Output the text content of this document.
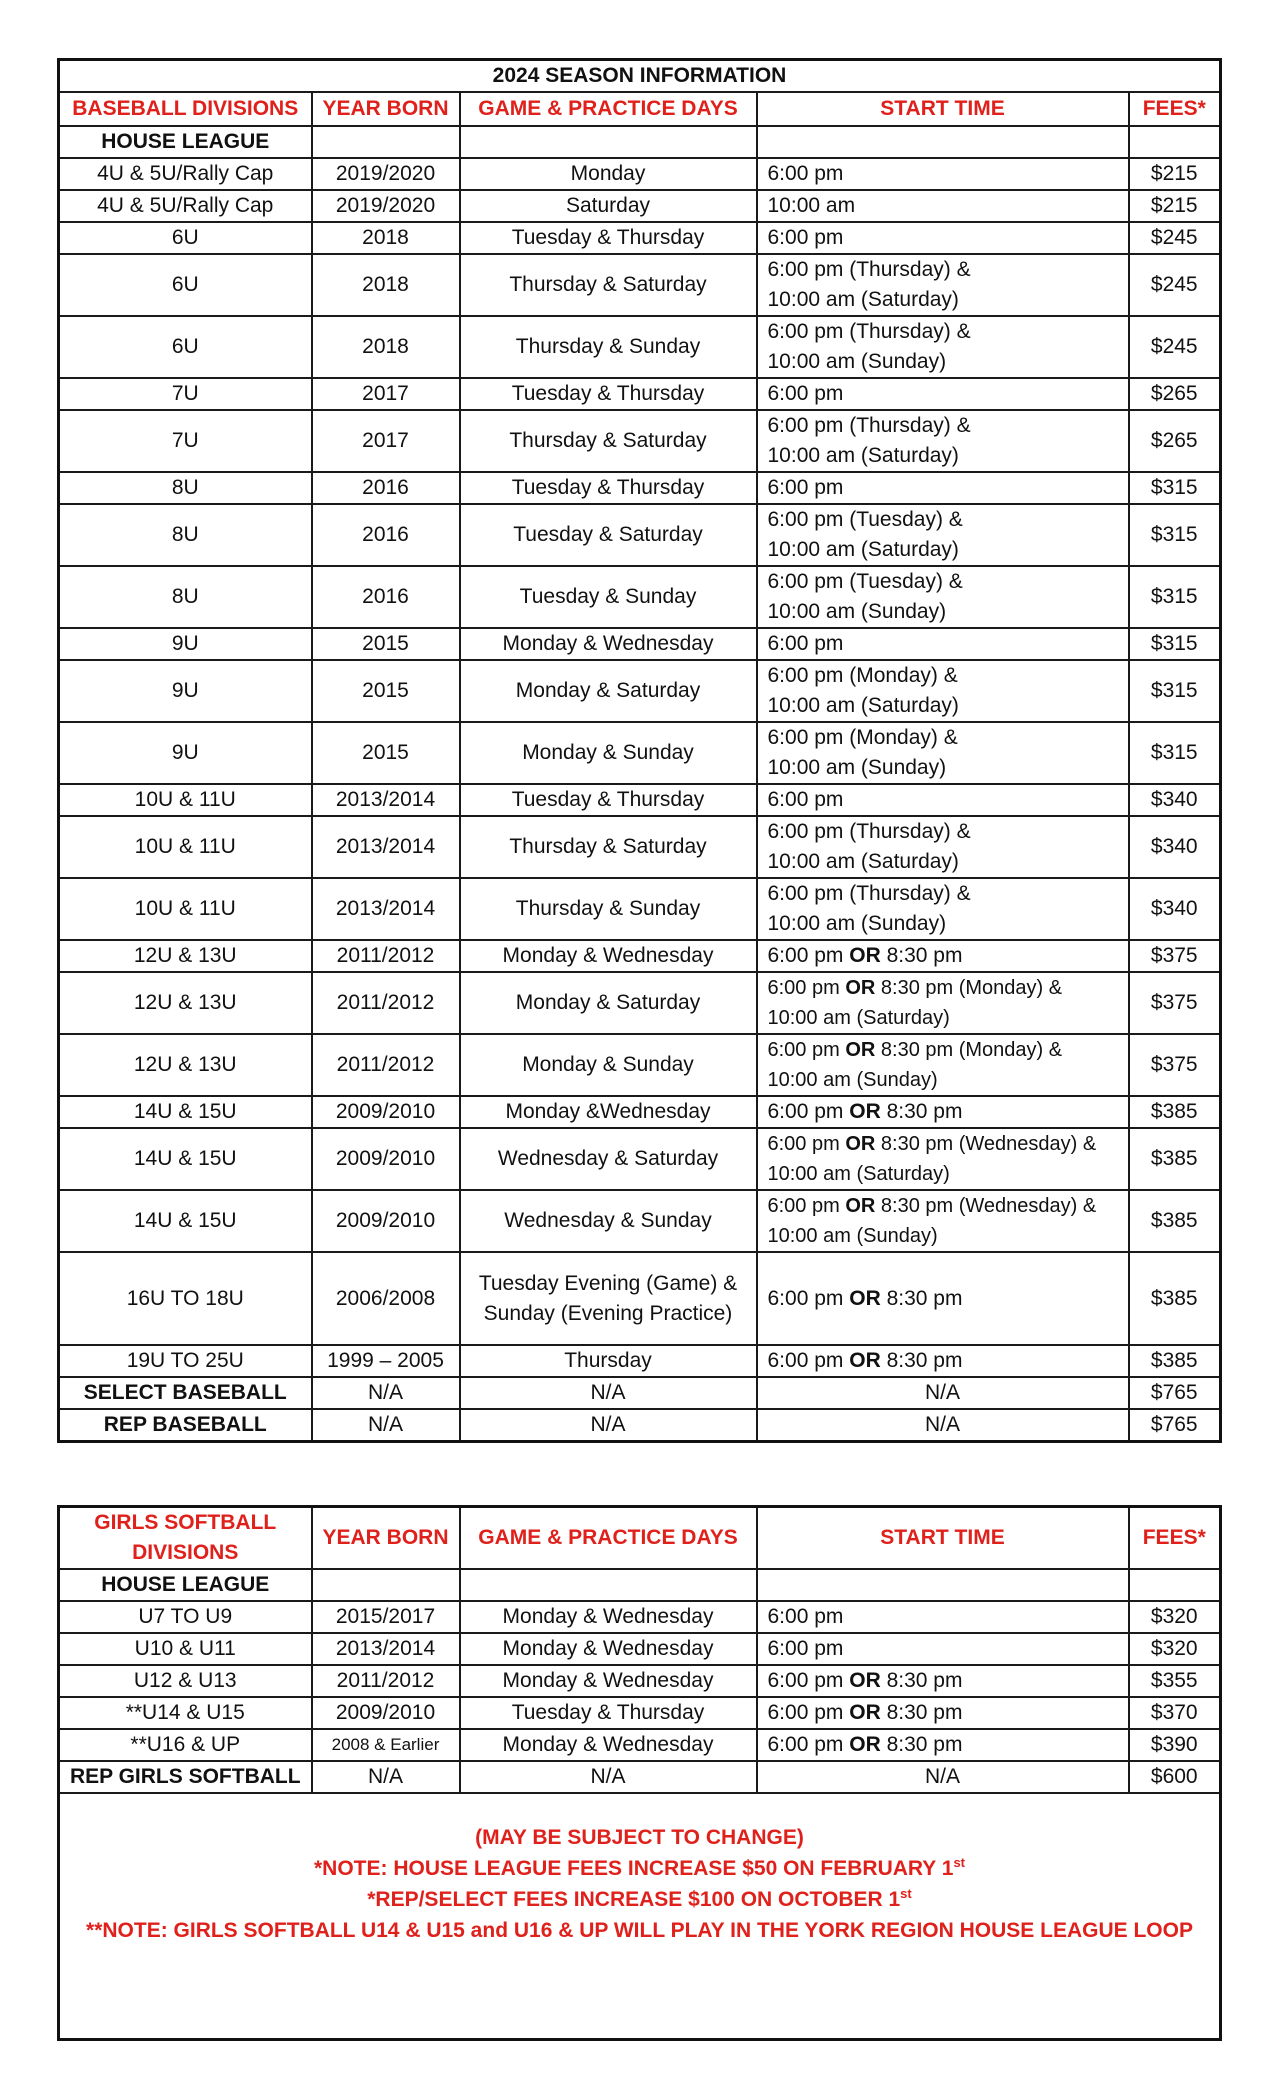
2024 SEASON INFORMATION				
BASEBALL DIVISIONS	YEAR BORN	GAME & PRACTICE DAYS	START TIME	FEES*
HOUSE LEAGUE				
4U & 5U/Rally Cap	2019/2020	Monday	6:00 pm	$215
4U & 5U/Rally Cap	2019/2020	Saturday	10:00 am	$215
6U	2018	Tuesday & Thursday	6:00 pm	$245
6U	2018	Thursday & Saturday	6:00 pm (Thursday) &
10:00 am (Saturday)	$245
6U	2018	Thursday & Sunday	6:00 pm (Thursday) &
10:00 am (Sunday)	$245
7U	2017	Tuesday & Thursday	6:00 pm	$265
7U	2017	Thursday & Saturday	6:00 pm (Thursday) &
10:00 am (Saturday)	$265
8U	2016	Tuesday & Thursday	6:00 pm	$315
8U	2016	Tuesday & Saturday	6:00 pm (Tuesday) &
10:00 am (Saturday)	$315
8U	2016	Tuesday & Sunday	6:00 pm (Tuesday) &
10:00 am (Sunday)	$315
9U	2015	Monday & Wednesday	6:00 pm	$315
9U	2015	Monday & Saturday	6:00 pm (Monday) &
10:00 am (Saturday)	$315
9U	2015	Monday & Sunday	6:00 pm (Monday) &
10:00 am (Sunday)	$315
10U & 11U	2013/2014	Tuesday & Thursday	6:00 pm	$340
10U & 11U	2013/2014	Thursday & Saturday	6:00 pm (Thursday) &
10:00 am (Saturday)	$340
10U & 11U	2013/2014	Thursday & Sunday	6:00 pm (Thursday) &
10:00 am (Sunday)	$340
12U & 13U	2011/2012	Monday & Wednesday	6:00 pm OR 8:30 pm	$375
12U & 13U	2011/2012	Monday & Saturday	6:00 pm OR 8:30 pm (Monday) &
10:00 am (Saturday)	$375
12U & 13U	2011/2012	Monday & Sunday	6:00 pm OR 8:30 pm (Monday) &
10:00 am (Sunday)	$375
14U & 15U	2009/2010	Monday &Wednesday	6:00 pm OR 8:30 pm	$385
14U & 15U	2009/2010	Wednesday & Saturday	6:00 pm OR 8:30 pm (Wednesday) &
10:00 am (Saturday)	$385
14U & 15U	2009/2010	Wednesday & Sunday	6:00 pm OR 8:30 pm (Wednesday) &
10:00 am (Sunday)	$385
16U TO 18U	2006/2008	Tuesday Evening (Game) & Sunday (Evening Practice)	6:00 pm OR 8:30 pm	$385
19U TO 25U	1999 – 2005	Thursday	6:00 pm OR 8:30 pm	$385
SELECT BASEBALL	N/A	N/A	N/A	$765
REP BASEBALL	N/A	N/A	N/A	$765
GIRLS SOFTBALL DIVISIONS	YEAR BORN	GAME & PRACTICE DAYS	START TIME	FEES*
HOUSE LEAGUE				
U7 TO U9	2015/2017	Monday & Wednesday	6:00 pm	$320
U10 & U11	2013/2014	Monday & Wednesday	6:00 pm	$320
U12 & U13	2011/2012	Monday & Wednesday	6:00 pm OR 8:30 pm	$355
**U14 & U15	2009/2010	Tuesday & Thursday	6:00 pm OR 8:30 pm	$370
**U16 & UP	2008 & Earlier	Monday & Wednesday	6:00 pm OR 8:30 pm	$390
REP GIRLS SOFTBALL	N/A	N/A	N/A	$600

(MAY BE SUBJECT TO CHANGE)
*NOTE: HOUSE LEAGUE FEES INCREASE $50 ON FEBRUARY 1st
*REP/SELECT FEES INCREASE $100 ON OCTOBER 1st
**NOTE: GIRLS SOFTBALL U14 & U15 and U16 & UP WILL PLAY IN THE YORK REGION HOUSE LEAGUE LOOP				
